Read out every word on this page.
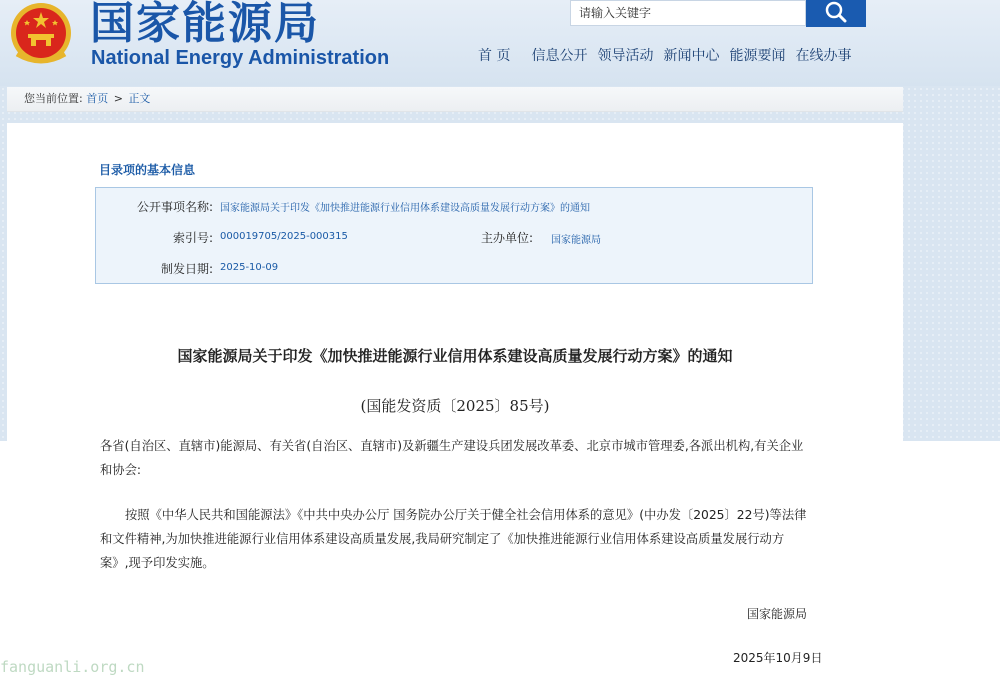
国家能源局
National Energy Administration
请输入关键字	首 页 信息公开 领导活动 新闻中心 能源要闻 在线办事
您当前位置: 首页 > 正文
目录项的基本信息
公开事项名称: 国家能源局关于印发《加快推进能源行业信用体系建设高质量发展行动方案》的通知
索引号: 000019705/2025-000315	主办单位: 国家能源局
制发日期: 2025-10-09
国家能源局关于印发《加快推进能源行业信用体系建设高质量发展行动方案》的通知
(国能发资质〔2025〕85号)
各省(自治区、直辖市)能源局、有关省(自治区、直辖市)及新疆生产建设兵团发展改革委、北京市城市管理委,各派出机构,有关企业和协会:
按照《中华人民共和国能源法》《中共中央办公厅 国务院办公厅关于健全社会信用体系的意见》(中办发〔2025〕22号)等法律和文件精神,为加快推进能源行业信用体系建设高质量发展,我局研究制定了《加快推进能源行业信用体系建设高质量发展行动方案》,现予印发实施。
国家能源局
2025年10月9日
fanguanli.org.cn
